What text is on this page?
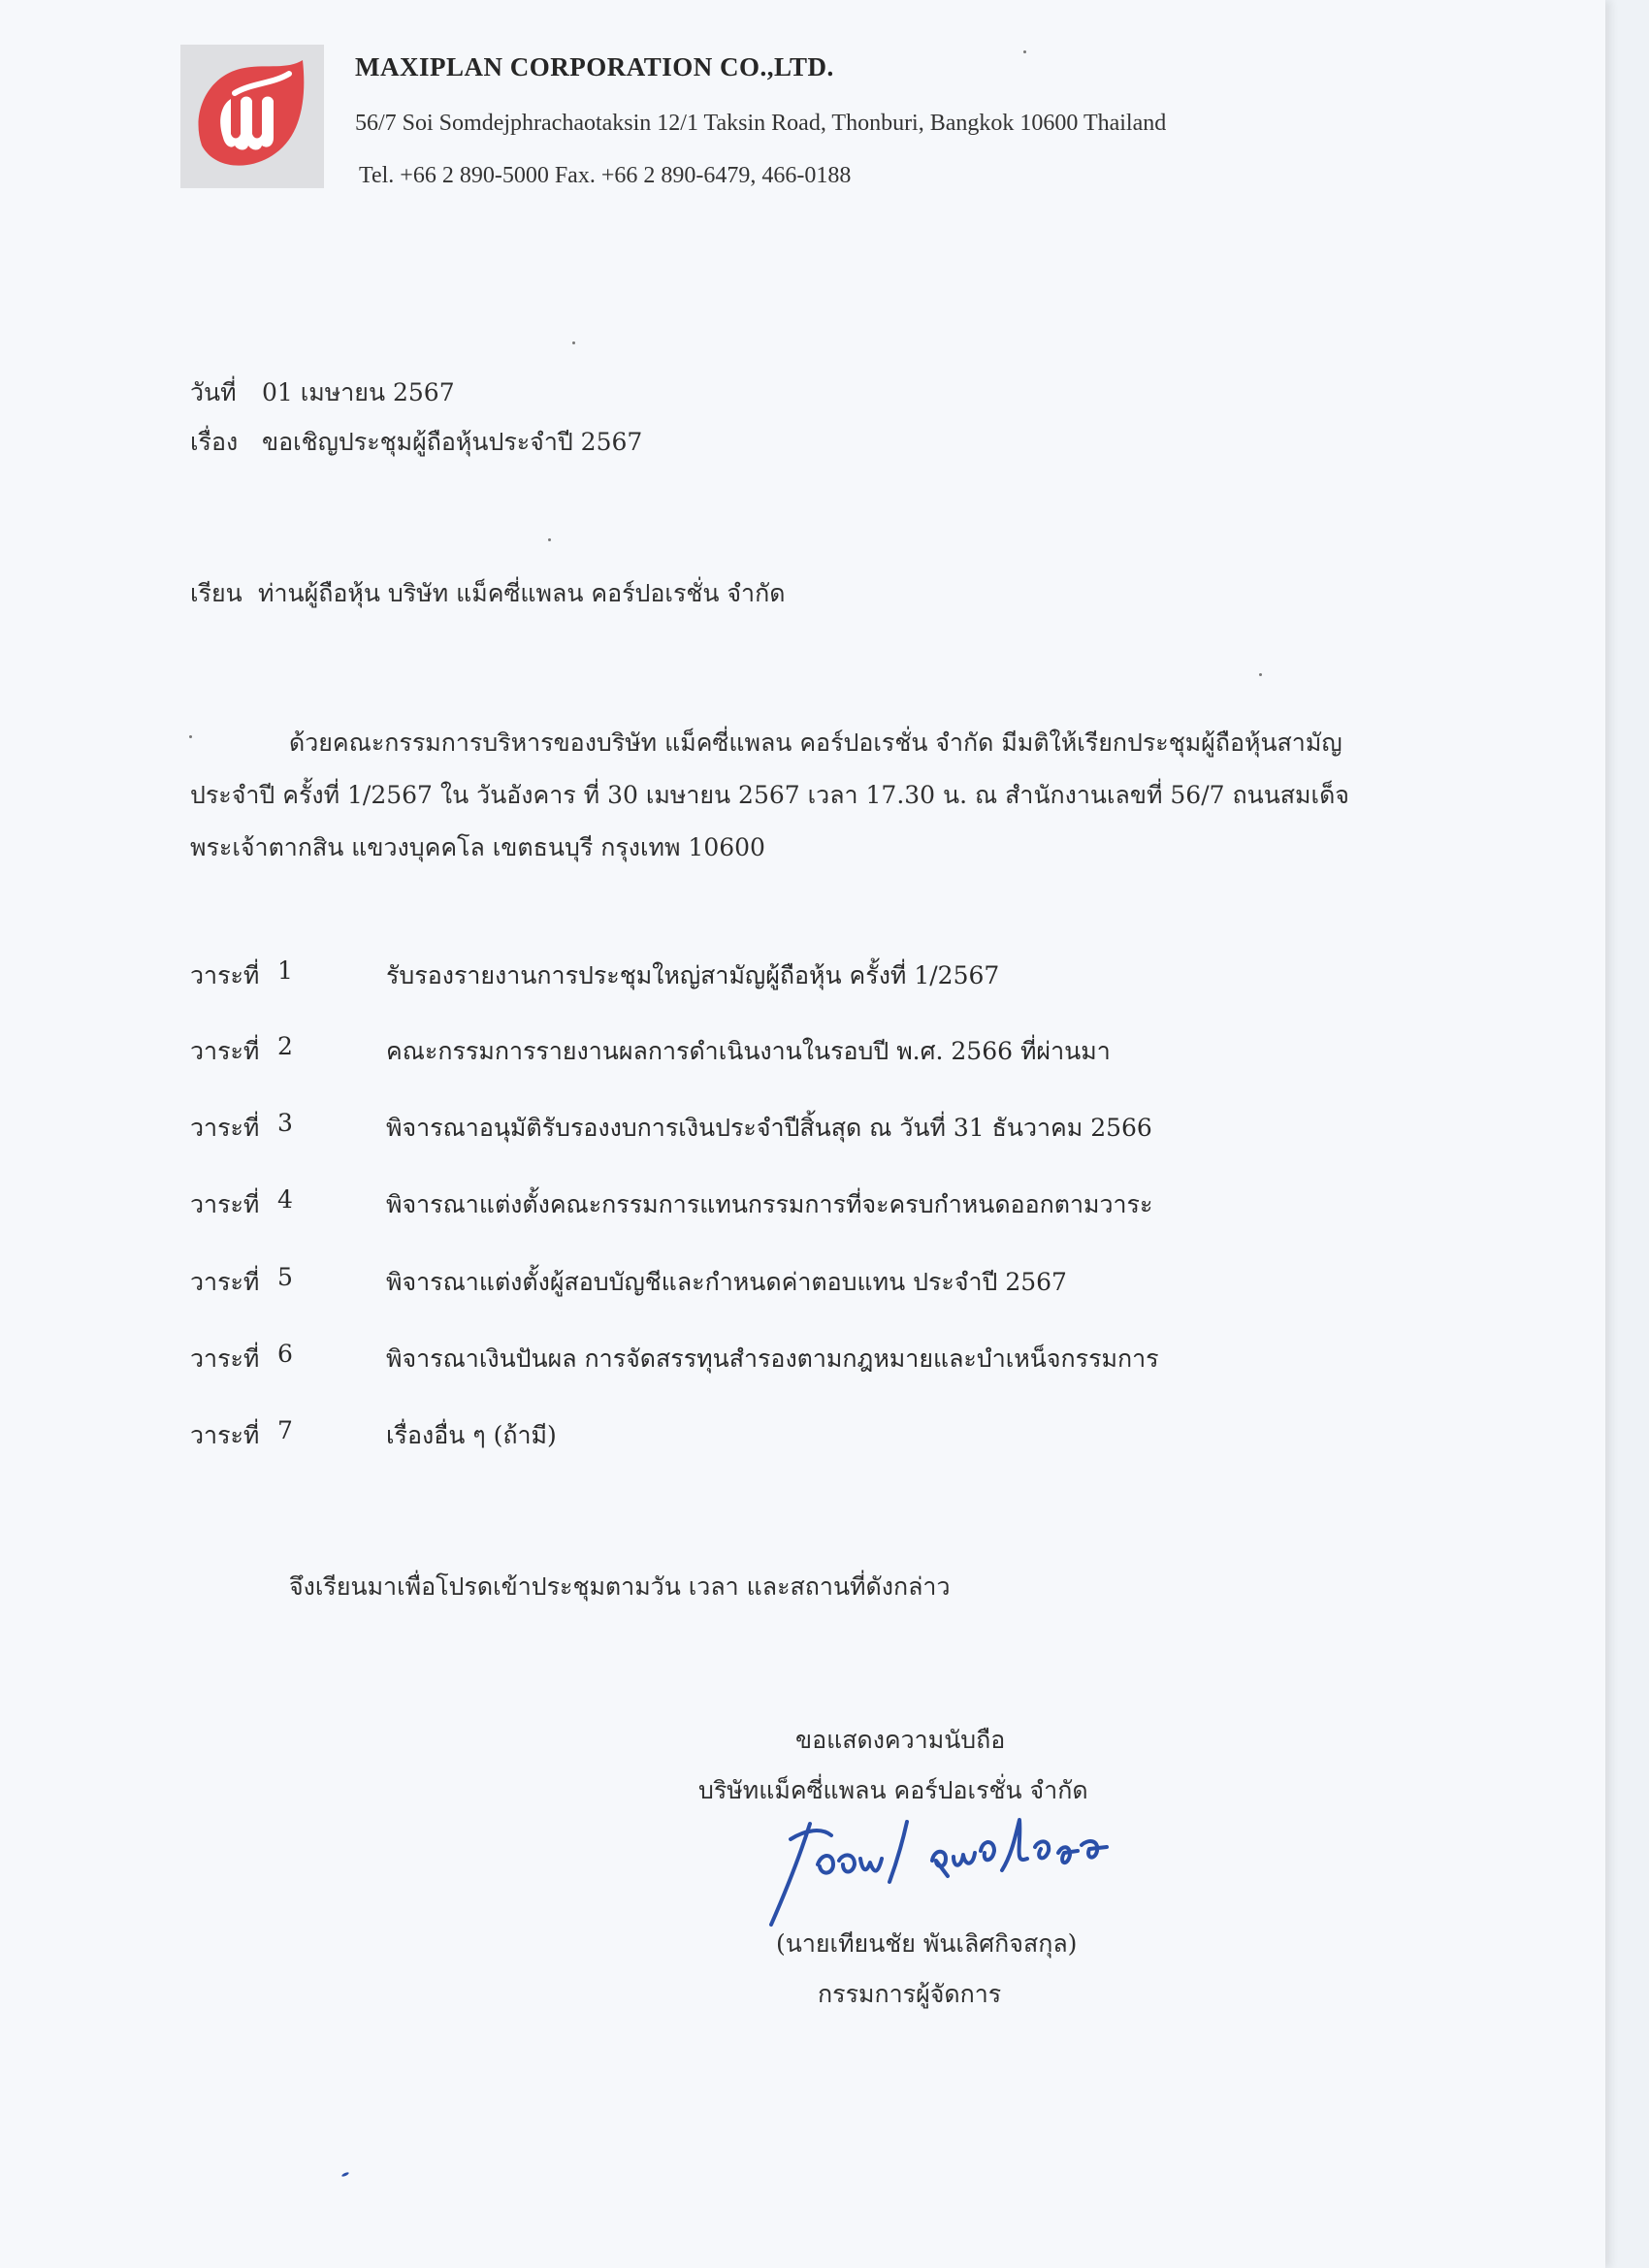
MAXIPLAN CORPORATION CO.,LTD.
56/7 Soi Somdejphrachaotaksin 12/1 Taksin Road, Thonburi, Bangkok 10600 Thailand
Tel. +66 2 890-5000 Fax. +66 2 890-6479, 466-0188
วันที่ 01 เมษายน 2567
เรื่อง ขอเชิญประชุมผู้ถือหุ้นประจำปี 2567
เรียน ท่านผู้ถือหุ้น บริษัท แม็คซี่แพลน คอร์ปอเรชั่น จำกัด
ด้วยคณะกรรมการบริหารของบริษัท แม็คซี่แพลน คอร์ปอเรชั่น จำกัด มีมติให้เรียกประชุมผู้ถือหุ้นสามัญ
ประจำปี ครั้งที่ 1/2567 ใน วันอังคาร ที่ 30 เมษายน 2567 เวลา 17.30 น. ณ สำนักงานเลขที่ 56/7 ถนนสมเด็จ
พระเจ้าตากสิน แขวงบุคคโล เขตธนบุรี กรุงเทพ 10600
วาระที่ 1	รับรองรายงานการประชุมใหญ่สามัญผู้ถือหุ้น ครั้งที่ 1/2567
วาระที่ 2	คณะกรรมการรายงานผลการดำเนินงานในรอบปี พ.ศ. 2566 ที่ผ่านมา
วาระที่ 3	พิจารณาอนุมัติรับรองงบการเงินประจำปีสิ้นสุด ณ วันที่ 31 ธันวาคม 2566
วาระที่ 4	พิจารณาแต่งตั้งคณะกรรมการแทนกรรมการที่จะครบกำหนดออกตามวาระ
วาระที่ 5	พิจารณาแต่งตั้งผู้สอบบัญชีและกำหนดค่าตอบแทน ประจำปี 2567
วาระที่ 6	พิจารณาเงินปันผล การจัดสรรทุนสำรองตามกฎหมายและบำเหน็จกรรมการ
วาระที่ 7	เรื่องอื่น ๆ (ถ้ามี)
จึงเรียนมาเพื่อโปรดเข้าประชุมตามวัน เวลา และสถานที่ดังกล่าว
ขอแสดงความนับถือ
บริษัทแม็คซี่แพลน คอร์ปอเรชั่น จำกัด
(นายเทียนชัย พันเลิศกิจสกุล)
กรรมการผู้จัดการ
